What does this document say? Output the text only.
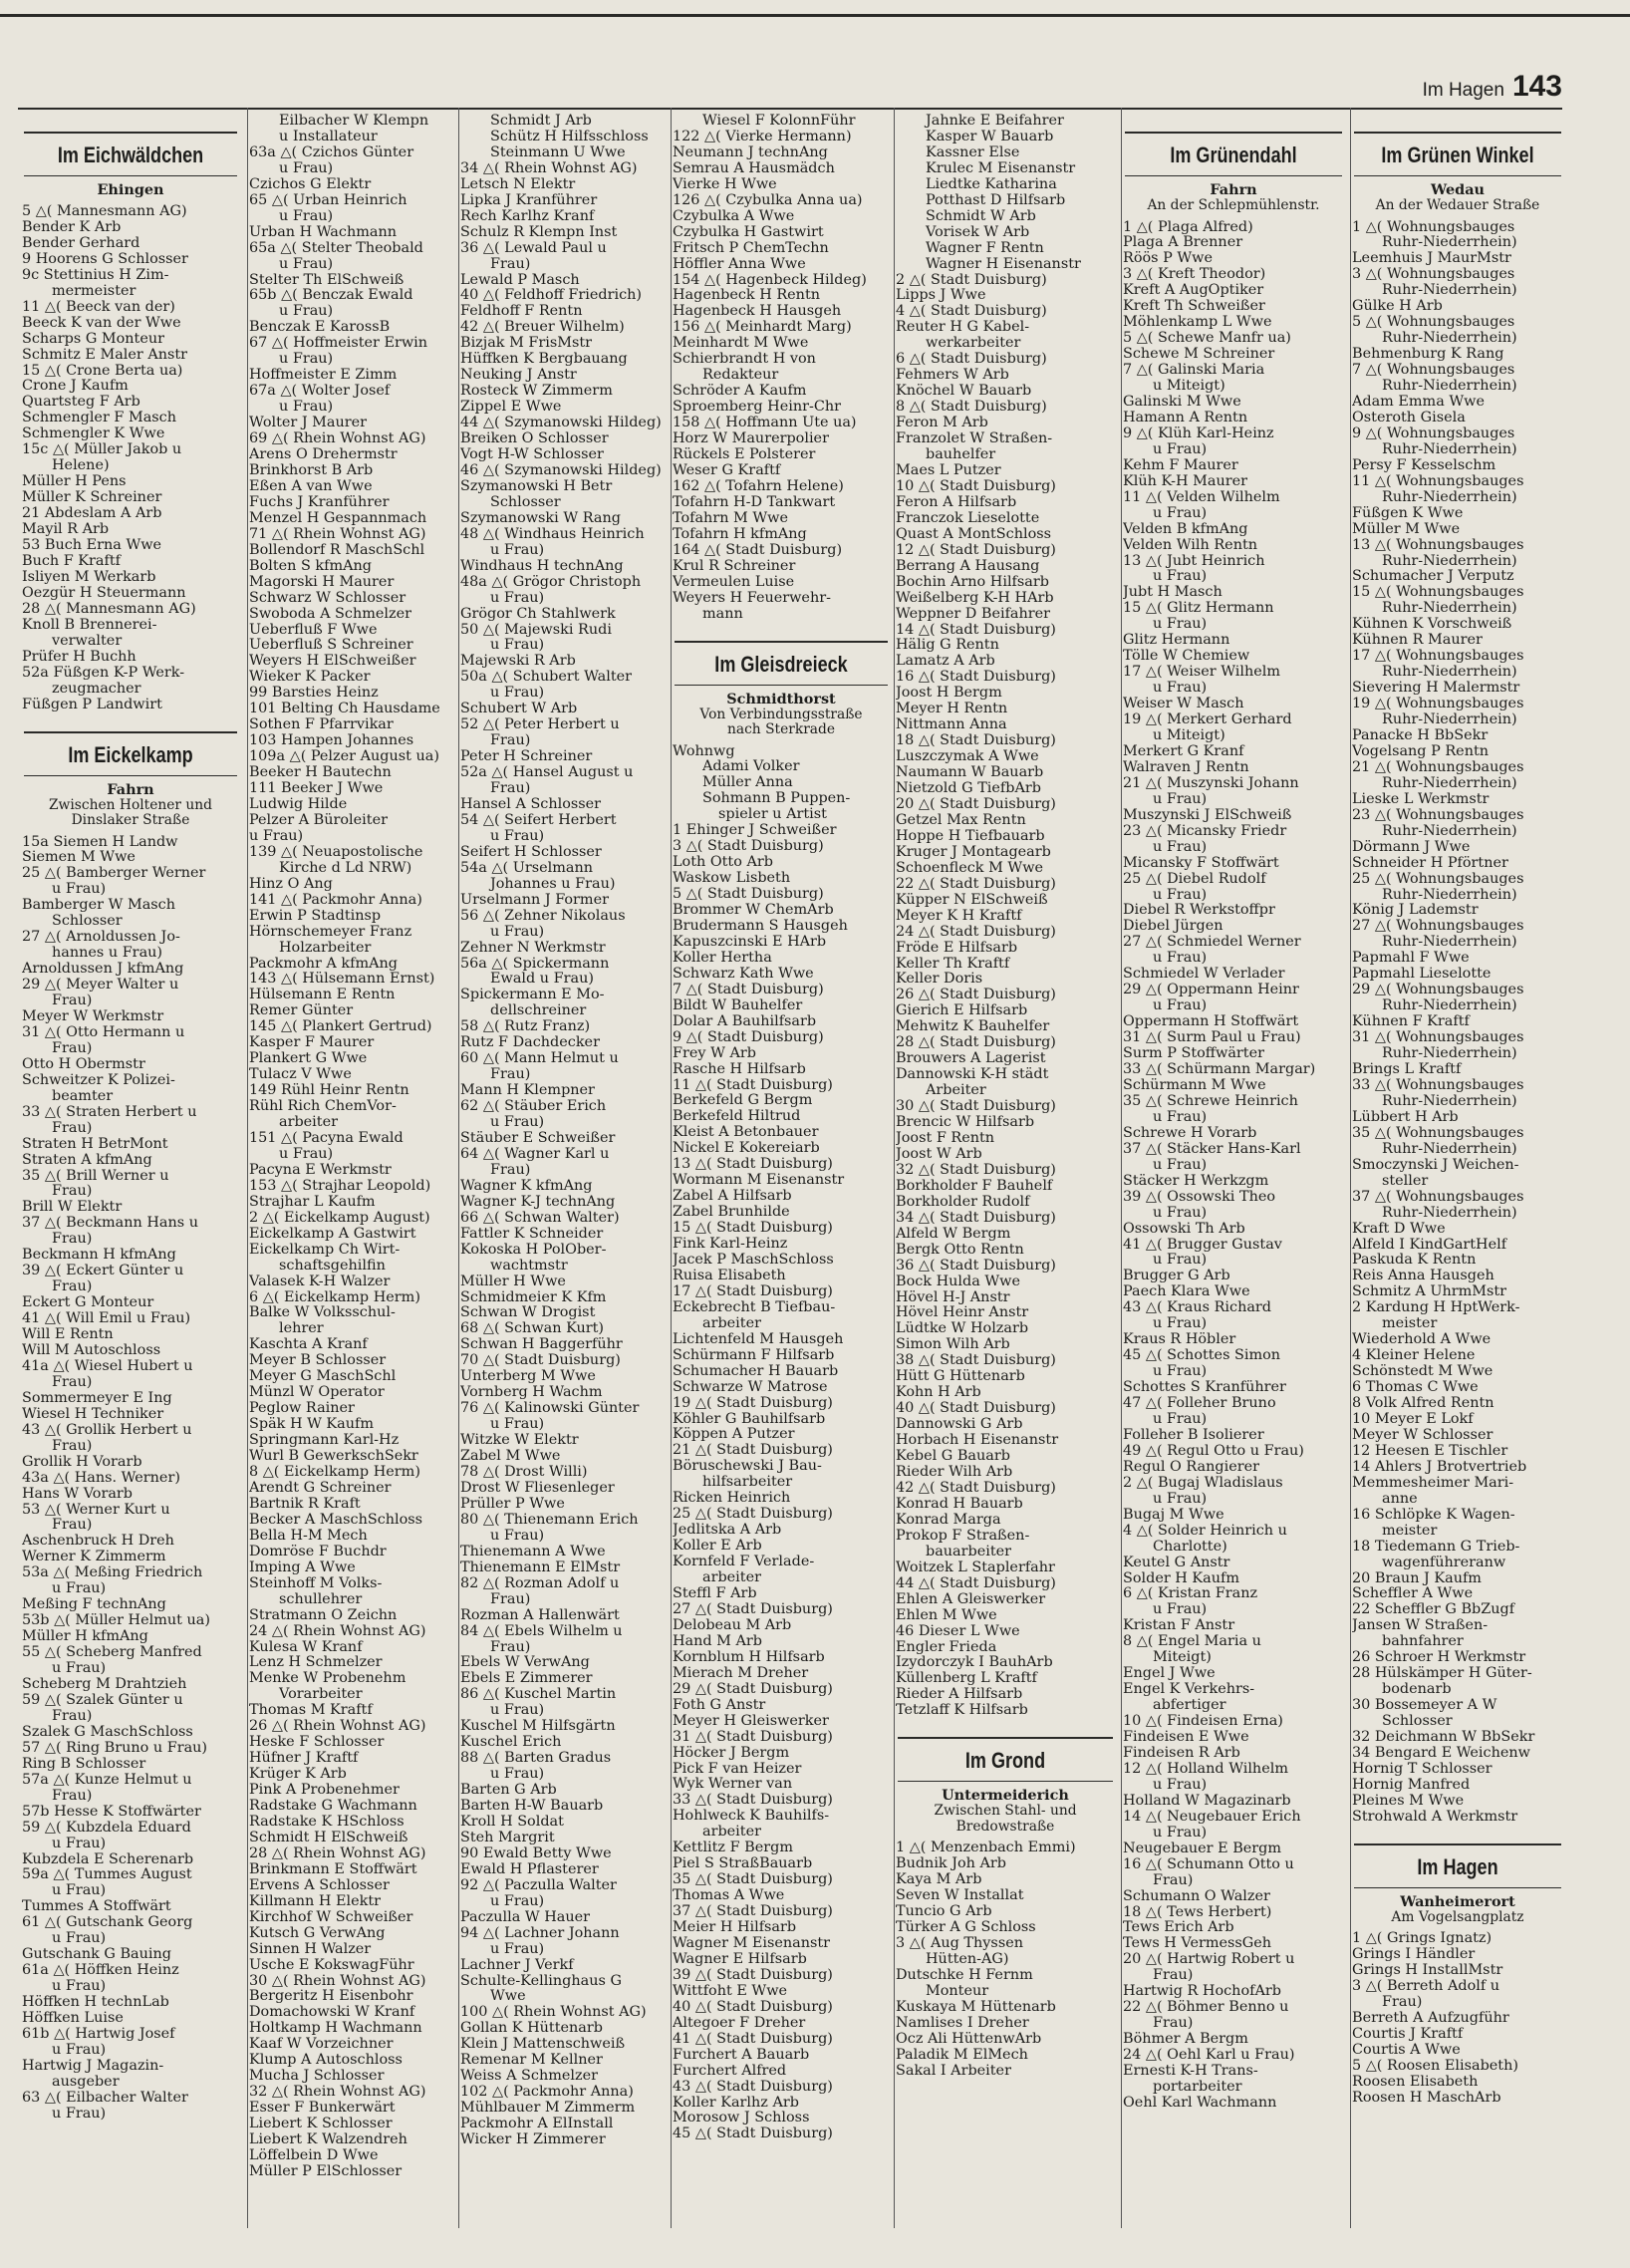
Im Hagen 143
Im Eichwäldchen
Ehingen
5 △( Mannesmann AG)
Bender K Arb
Bender Gerhard
9 Hoorens G Schlosser
9c Stettinius H Zim-
mermeister
11 △( Beeck van der)
Beeck K van der Wwe
Scharps G Monteur
Schmitz E Maler Anstr
15 △( Crone Berta ua)
Crone J Kaufm
Quartsteg F Arb
Schmengler F Masch
Schmengler K Wwe
15c △( Müller Jakob u
Helene)
Müller H Pens
Müller K Schreiner
21 Abdeslam A Arb
Mayil R Arb
53 Buch Erna Wwe
Buch F Kraftf
Isliyen M Werkarb
Oezgür H Steuermann
28 △( Mannesmann AG)
Knoll B Brennerei-
verwalter
Prüfer H Buchh
52a Füßgen K-P Werk-
zeugmacher
Füßgen P Landwirt
Im Eickelkamp
Fahrn
Zwischen Holtener und
Dinslaker Straße
15a Siemen H Landw
Siemen M Wwe
25 △( Bamberger Werner
u Frau)
Bamberger W Masch
Schlosser
27 △( Arnoldussen Jo-
hannes u Frau)
Arnoldussen J kfmAng
29 △( Meyer Walter u
Frau)
Meyer W Werkmstr
31 △( Otto Hermann u
Frau)
Otto H Obermstr
Schweitzer K Polizei-
beamter
33 △( Straten Herbert u
Frau)
Straten H BetrMont
Straten A kfmAng
35 △( Brill Werner u
Frau)
Brill W Elektr
37 △( Beckmann Hans u
Frau)
Beckmann H kfmAng
39 △( Eckert Günter u
Frau)
Eckert G Monteur
41 △( Will Emil u Frau)
Will E Rentn
Will M Autoschloss
41a △( Wiesel Hubert u
Frau)
Sommermeyer E Ing
Wiesel H Techniker
43 △( Grollik Herbert u
Frau)
Grollik H Vorarb
43a △( Hans. Werner)
Hans W Vorarb
53 △( Werner Kurt u
Frau)
Aschenbruck H Dreh
Werner K Zimmerm
53a △( Meßing Friedrich
u Frau)
Meßing F technAng
53b △( Müller Helmut ua)
Müller H kfmAng
55 △( Scheberg Manfred
u Frau)
Scheberg M Drahtzieh
59 △( Szalek Günter u
Frau)
Szalek G MaschSchloss
57 △( Ring Bruno u Frau)
Ring B Schlosser
57a △( Kunze Helmut u
Frau)
57b Hesse K Stoffwärter
59 △( Kubzdela Eduard
u Frau)
Kubzdela E Scherenarb
59a △( Tummes August
u Frau)
Tummes A Stoffwärt
61 △( Gutschank Georg
u Frau)
Gutschank G Bauing
61a △( Höffken Heinz
u Frau)
Höffken H technLab
Höffken Luise
61b △( Hartwig Josef
u Frau)
Hartwig J Magazin-
ausgeber
63 △( Eilbacher Walter
u Frau)
Eilbacher W Klempn
u Installateur
63a △( Czichos Günter
u Frau)
Czichos G Elektr
65 △( Urban Heinrich
u Frau)
Urban H Wachmann
65a △( Stelter Theobald
u Frau)
Stelter Th ElSchweiß
65b △( Benczak Ewald
u Frau)
Benczak E KarossB
67 △( Hoffmeister Erwin
u Frau)
Hoffmeister E Zimm
67a △( Wolter Josef
u Frau)
Wolter J Maurer
69 △( Rhein Wohnst AG)
Arens O Drehermstr
Brinkhorst B Arb
Eßen A van Wwe
Fuchs J Kranführer
Menzel H Gespannmach
71 △( Rhein Wohnst AG)
Bollendorf R MaschSchl
Bolten S kfmAng
Magorski H Maurer
Schwarz W Schlosser
Swoboda A Schmelzer
Ueberfluß F Wwe
Ueberfluß S Schreiner
Weyers H ElSchweißer
Wieker K Packer
99 Barsties Heinz
101 Belting Ch Hausdame
Sothen F Pfarrvikar
103 Hampen Johannes
109a △( Pelzer August ua)
Beeker H Bautechn
111 Beeker J Wwe
Ludwig Hilde
Pelzer A Büroleiter
u Frau)
139 △( Neuapostolische
Kirche d Ld NRW)
Hinz O Ang
141 △( Packmohr Anna)
Erwin P Stadtinsp
Hörnschemeyer Franz
Holzarbeiter
Packmohr A kfmAng
143 △( Hülsemann Ernst)
Hülsemann E Rentn
Remer Günter
145 △( Plankert Gertrud)
Kasper F Maurer
Plankert G Wwe
Tulacz V Wwe
149 Rühl Heinr Rentn
Rühl Rich ChemVor-
arbeiter
151 △( Pacyna Ewald
u Frau)
Pacyna E Werkmstr
153 △( Strajhar Leopold)
Strajhar L Kaufm
2 △( Eickelkamp August)
Eickelkamp A Gastwirt
Eickelkamp Ch Wirt-
schaftsgehilfin
Valasek K-H Walzer
6 △( Eickelkamp Herm)
Balke W Volksschul-
lehrer
Kaschta A Kranf
Meyer B Schlosser
Meyer G MaschSchl
Münzl W Operator
Peglow Rainer
Späk H W Kaufm
Springmann Karl-Hz
Wurl B GewerkschSekr
8 △( Eickelkamp Herm)
Arendt G Schreiner
Bartnik R Kraft
Becker A MaschSchloss
Bella H-M Mech
Domröse F Buchdr
Imping A Wwe
Steinhoff M Volks-
schullehrer
Stratmann O Zeichn
24 △( Rhein Wohnst AG)
Kulesa W Kranf
Lenz H Schmelzer
Menke W Probenehm
Vorarbeiter
Thomas M Kraftf
26 △( Rhein Wohnst AG)
Heske F Schlosser
Hüfner J Kraftf
Krüger K Arb
Pink A Probenehmer
Radstake G Wachmann
Radstake K HSchloss
Schmidt H ElSchweiß
28 △( Rhein Wohnst AG)
Brinkmann E Stoffwärt
Ervens A Schlosser
Killmann H Elektr
Kirchhof W Schweißer
Kutsch G VerwAng
Sinnen H Walzer
Usche E KokswagFühr
30 △( Rhein Wohnst AG)
Bergeritz H Eisenbohr
Domachowski W Kranf
Holtkamp H Wachmann
Kaaf W Vorzeichner
Klump A Autoschloss
Mucha J Schlosser
32 △( Rhein Wohnst AG)
Esser F Bunkerwärt
Liebert K Schlosser
Liebert K Walzendreh
Löffelbein D Wwe
Müller P ElSchlosser
Schmidt J Arb
Schütz H Hilfsschloss
Steinmann U Wwe
34 △( Rhein Wohnst AG)
Letsch N Elektr
Lipka J Kranführer
Rech Karlhz Kranf
Schulz R Klempn Inst
36 △( Lewald Paul u
Frau)
Lewald P Masch
40 △( Feldhoff Friedrich)
Feldhoff F Rentn
42 △( Breuer Wilhelm)
Bizjak M FrisMstr
Hüffken K Bergbauang
Neuking J Anstr
Rosteck W Zimmerm
Zippel E Wwe
44 △( Szymanowski Hildeg)
Breiken O Schlosser
Vogt H-W Schlosser
46 △( Szymanowski Hildeg)
Szymanowski H Betr
Schlosser
Szymanowski W Rang
48 △( Windhaus Heinrich
u Frau)
Windhaus H technAng
48a △( Grögor Christoph
u Frau)
Grögor Ch Stahlwerk
50 △( Majewski Rudi
u Frau)
Majewski R Arb
50a △( Schubert Walter
u Frau)
Schubert W Arb
52 △( Peter Herbert u
Frau)
Peter H Schreiner
52a △( Hansel August u
Frau)
Hansel A Schlosser
54 △( Seifert Herbert
u Frau)
Seifert H Schlosser
54a △( Urselmann
Johannes u Frau)
Urselmann J Former
56 △( Zehner Nikolaus
u Frau)
Zehner N Werkmstr
56a △( Spickermann
Ewald u Frau)
Spickermann E Mo-
dellschreiner
58 △( Rutz Franz)
Rutz F Dachdecker
60 △( Mann Helmut u
Frau)
Mann H Klempner
62 △( Stäuber Erich
u Frau)
Stäuber E Schweißer
64 △( Wagner Karl u
Frau)
Wagner K kfmAng
Wagner K-J technAng
66 △( Schwan Walter)
Fattler K Schneider
Kokoska H PolOber-
wachtmstr
Müller H Wwe
Schmidmeier K Kfm
Schwan W Drogist
68 △( Schwan Kurt)
Schwan H Baggerführ
70 △( Stadt Duisburg)
Unterberg M Wwe
Vornberg H Wachm
76 △( Kalinowski Günter
u Frau)
Witzke W Elektr
Zabel M Wwe
78 △( Drost Willi)
Drost W Fliesenleger
Prüller P Wwe
80 △( Thienemann Erich
u Frau)
Thienemann A Wwe
Thienemann E ElMstr
82 △( Rozman Adolf u
Frau)
Rozman A Hallenwärt
84 △( Ebels Wilhelm u
Frau)
Ebels W VerwAng
Ebels E Zimmerer
86 △( Kuschel Martin
u Frau)
Kuschel M Hilfsgärtn
Kuschel Erich
88 △( Barten Gradus
u Frau)
Barten G Arb
Barten H-W Bauarb
Kroll H Soldat
Steh Margrit
90 Ewald Betty Wwe
Ewald H Pflasterer
92 △( Paczulla Walter
u Frau)
Paczulla W Hauer
94 △( Lachner Johann
u Frau)
Lachner J Verkf
Schulte-Kellinghaus G
Wwe
100 △( Rhein Wohnst AG)
Gollan K Hüttenarb
Klein J Mattenschweiß
Remenar M Kellner
Weiss A Schmelzer
102 △( Packmohr Anna)
Mühlbauer M Zimmerm
Packmohr A ElInstall
Wicker H Zimmerer
Wiesel F KolonnFühr
122 △( Vierke Hermann)
Neumann J technAng
Semrau A Hausmädch
Vierke H Wwe
126 △( Czybulka Anna ua)
Czybulka A Wwe
Czybulka H Gastwirt
Fritsch P ChemTechn
Höffler Anna Wwe
154 △( Hagenbeck Hildeg)
Hagenbeck H Rentn
Hagenbeck H Hausgeh
156 △( Meinhardt Marg)
Meinhardt M Wwe
Schierbrandt H von
Redakteur
Schröder A Kaufm
Sproemberg Heinr-Chr
158 △( Hoffmann Ute ua)
Horz W Maurerpolier
Rückels E Polsterer
Weser G Kraftf
162 △( Tofahrn Helene)
Tofahrn H-D Tankwart
Tofahrn M Wwe
Tofahrn H kfmAng
164 △( Stadt Duisburg)
Krul R Schreiner
Vermeulen Luise
Weyers H Feuerwehr-
mann
Im Gleisdreieck
Schmidthorst
Von Verbindungsstraße
nach Sterkrade
Wohnwg
Adami Volker
Müller Anna
Sohmann B Puppen-
spieler u Artist
1 Ehinger J Schweißer
3 △( Stadt Duisburg)
Loth Otto Arb
Waskow Lisbeth
5 △( Stadt Duisburg)
Brommer W ChemArb
Brudermann S Hausgeh
Kapuszcinski E HArb
Koller Hertha
Schwarz Kath Wwe
7 △( Stadt Duisburg)
Bildt W Bauhelfer
Dolar A Bauhilfsarb
9 △( Stadt Duisburg)
Frey W Arb
Rasche H Hilfsarb
11 △( Stadt Duisburg)
Berkefeld G Bergm
Berkefeld Hiltrud
Kleist A Betonbauer
Nickel E Kokereiarb
13 △( Stadt Duisburg)
Wormann M Eisenanstr
Zabel A Hilfsarb
Zabel Brunhilde
15 △( Stadt Duisburg)
Fink Karl-Heinz
Jacek P MaschSchloss
Ruisa Elisabeth
17 △( Stadt Duisburg)
Eckebrecht B Tiefbau-
arbeiter
Lichtenfeld M Hausgeh
Schürmann F Hilfsarb
Schumacher H Bauarb
Schwarze W Matrose
19 △( Stadt Duisburg)
Köhler G Bauhilfsarb
Köppen A Putzer
21 △( Stadt Duisburg)
Böruschewski J Bau-
hilfsarbeiter
Ricken Heinrich
25 △( Stadt Duisburg)
Jedlitska A Arb
Koller E Arb
Kornfeld F Verlade-
arbeiter
Steffl F Arb
27 △( Stadt Duisburg)
Delobeau M Arb
Hand M Arb
Kornblum H Hilfsarb
Mierach M Dreher
29 △( Stadt Duisburg)
Foth G Anstr
Meyer H Gleiswerker
31 △( Stadt Duisburg)
Höcker J Bergm
Pick F van Heizer
Wyk Werner van
33 △( Stadt Duisburg)
Hohlweck K Bauhilfs-
arbeiter
Kettlitz F Bergm
Piel S StraßBauarb
35 △( Stadt Duisburg)
Thomas A Wwe
37 △( Stadt Duisburg)
Meier H Hilfsarb
Wagner M Eisenanstr
Wagner E Hilfsarb
39 △( Stadt Duisburg)
Wittfoht E Wwe
40 △( Stadt Duisburg)
Altegoer F Dreher
41 △( Stadt Duisburg)
Furchert A Bauarb
Furchert Alfred
43 △( Stadt Duisburg)
Koller Karlhz Arb
Morosow J Schloss
45 △( Stadt Duisburg)
Jahnke E Beifahrer
Kasper W Bauarb
Kassner Else
Krulec M Eisenanstr
Liedtke Katharina
Potthast D Hilfsarb
Schmidt W Arb
Vorisek W Arb
Wagner F Rentn
Wagner H Eisenanstr
2 △( Stadt Duisburg)
Lipps J Wwe
4 △( Stadt Duisburg)
Reuter H G Kabel-
werkarbeiter
6 △( Stadt Duisburg)
Fehmers W Arb
Knöchel W Bauarb
8 △( Stadt Duisburg)
Feron M Arb
Franzolet W Straßen-
bauhelfer
Maes L Putzer
10 △( Stadt Duisburg)
Feron A Hilfsarb
Franczok Lieselotte
Quast A MontSchloss
12 △( Stadt Duisburg)
Berrang A Hausang
Bochin Arno Hilfsarb
Weißelberg K-H HArb
Weppner D Beifahrer
14 △( Stadt Duisburg)
Hälig G Rentn
Lamatz A Arb
16 △( Stadt Duisburg)
Joost H Bergm
Meyer H Rentn
Nittmann Anna
18 △( Stadt Duisburg)
Luszczymak A Wwe
Naumann W Bauarb
Nietzold G TiefbArb
20 △( Stadt Duisburg)
Getzel Max Rentn
Hoppe H Tiefbauarb
Kruger J Montagearb
Schoenfleck M Wwe
22 △( Stadt Duisburg)
Küpper N ElSchweiß
Meyer K H Kraftf
24 △( Stadt Duisburg)
Fröde E Hilfsarb
Keller Th Kraftf
Keller Doris
26 △( Stadt Duisburg)
Gierich E Hilfsarb
Mehwitz K Bauhelfer
28 △( Stadt Duisburg)
Brouwers A Lagerist
Dannowski K-H städt
Arbeiter
30 △( Stadt Duisburg)
Brencic W Hilfsarb
Joost F Rentn
Joost W Arb
32 △( Stadt Duisburg)
Borkholder F Bauhelf
Borkholder Rudolf
34 △( Stadt Duisburg)
Alfeld W Bergm
Bergk Otto Rentn
36 △( Stadt Duisburg)
Bock Hulda Wwe
Hövel H-J Anstr
Hövel Heinr Anstr
Lüdtke W Holzarb
Simon Wilh Arb
38 △( Stadt Duisburg)
Hütt G Hüttenarb
Kohn H Arb
40 △( Stadt Duisburg)
Dannowski G Arb
Horbach H Eisenanstr
Kebel G Bauarb
Rieder Wilh Arb
42 △( Stadt Duisburg)
Konrad H Bauarb
Konrad Marga
Prokop F Straßen-
bauarbeiter
Woitzek L Staplerfahr
44 △( Stadt Duisburg)
Ehlen A Gleiswerker
Ehlen M Wwe
46 Dieser L Wwe
Engler Frieda
Izydorczyk I BauhArb
Küllenberg L Kraftf
Rieder A Hilfsarb
Tetzlaff K Hilfsarb
Im Grond
Untermeiderich
Zwischen Stahl- und
Bredowstraße
1 △( Menzenbach Emmi)
Budnik Joh Arb
Kaya M Arb
Seven W Installat
Tuncio G Arb
Türker A G Schloss
3 △( Aug Thyssen
Hütten-AG)
Dutschke H Fernm
Monteur
Kuskaya M Hüttenarb
Namlises I Dreher
Ocz Ali HüttenwArb
Paladik M ElMech
Sakal I Arbeiter
Im Grünendahl
Fahrn
An der Schlepmühlenstr.
1 △( Plaga Alfred)
Plaga A Brenner
Röös P Wwe
3 △( Kreft Theodor)
Kreft A AugOptiker
Kreft Th Schweißer
Möhlenkamp L Wwe
5 △( Schewe Manfr ua)
Schewe M Schreiner
7 △( Galinski Maria
u Miteigt)
Galinski M Wwe
Hamann A Rentn
9 △( Klüh Karl-Heinz
u Frau)
Kehm F Maurer
Klüh K-H Maurer
11 △( Velden Wilhelm
u Frau)
Velden B kfmAng
Velden Wilh Rentn
13 △( Jubt Heinrich
u Frau)
Jubt H Masch
15 △( Glitz Hermann
u Frau)
Glitz Hermann
Tölle W Chemiew
17 △( Weiser Wilhelm
u Frau)
Weiser W Masch
19 △( Merkert Gerhard
u Miteigt)
Merkert G Kranf
Walraven J Rentn
21 △( Muszynski Johann
u Frau)
Muszynski J ElSchweiß
23 △( Micansky Friedr
u Frau)
Micansky F Stoffwärt
25 △( Diebel Rudolf
u Frau)
Diebel R Werkstoffpr
Diebel Jürgen
27 △( Schmiedel Werner
u Frau)
Schmiedel W Verlader
29 △( Oppermann Heinr
u Frau)
Oppermann H Stoffwärt
31 △( Surm Paul u Frau)
Surm P Stoffwärter
33 △( Schürmann Margar)
Schürmann M Wwe
35 △( Schrewe Heinrich
u Frau)
Schrewe H Vorarb
37 △( Stäcker Hans-Karl
u Frau)
Stäcker H Werkzgm
39 △( Ossowski Theo
u Frau)
Ossowski Th Arb
41 △( Brugger Gustav
u Frau)
Brugger G Arb
Paech Klara Wwe
43 △( Kraus Richard
u Frau)
Kraus R Höbler
45 △( Schottes Simon
u Frau)
Schottes S Kranführer
47 △( Folleher Bruno
u Frau)
Folleher B Isolierer
49 △( Regul Otto u Frau)
Regul O Rangierer
2 △( Bugaj Wladislaus
u Frau)
Bugaj M Wwe
4 △( Solder Heinrich u
Charlotte)
Keutel G Anstr
Solder H Kaufm
6 △( Kristan Franz
u Frau)
Kristan F Anstr
8 △( Engel Maria u
Miteigt)
Engel J Wwe
Engel K Verkehrs-
abfertiger
10 △( Findeisen Erna)
Findeisen E Wwe
Findeisen R Arb
12 △( Holland Wilhelm
u Frau)
Holland W Magazinarb
14 △( Neugebauer Erich
u Frau)
Neugebauer E Bergm
16 △( Schumann Otto u
Frau)
Schumann O Walzer
18 △( Tews Herbert)
Tews Erich Arb
Tews H VermessGeh
20 △( Hartwig Robert u
Frau)
Hartwig R HochofArb
22 △( Böhmer Benno u
Frau)
Böhmer A Bergm
24 △( Oehl Karl u Frau)
Ernesti K-H Trans-
portarbeiter
Oehl Karl Wachmann
Im Grünen Winkel
Wedau
An der Wedauer Straße
1 △( Wohnungsbauges
Ruhr-Niederrhein)
Leemhuis J MaurMstr
3 △( Wohnungsbauges
Ruhr-Niederrhein)
Gülke H Arb
5 △( Wohnungsbauges
Ruhr-Niederrhein)
Behmenburg K Rang
7 △( Wohnungsbauges
Ruhr-Niederrhein)
Adam Emma Wwe
Osteroth Gisela
9 △( Wohnungsbauges
Ruhr-Niederrhein)
Persy F Kesselschm
11 △( Wohnungsbauges
Ruhr-Niederrhein)
Füßgen K Wwe
Müller M Wwe
13 △( Wohnungsbauges
Ruhr-Niederrhein)
Schumacher J Verputz
15 △( Wohnungsbauges
Ruhr-Niederrhein)
Kühnen K Vorschweiß
Kühnen R Maurer
17 △( Wohnungsbauges
Ruhr-Niederrhein)
Sievering H Malermstr
19 △( Wohnungsbauges
Ruhr-Niederrhein)
Panacke H BbSekr
Vogelsang P Rentn
21 △( Wohnungsbauges
Ruhr-Niederrhein)
Lieske L Werkmstr
23 △( Wohnungsbauges
Ruhr-Niederrhein)
Dörmann J Wwe
Schneider H Pförtner
25 △( Wohnungsbauges
Ruhr-Niederrhein)
König J Lademstr
27 △( Wohnungsbauges
Ruhr-Niederrhein)
Papmahl F Wwe
Papmahl Lieselotte
29 △( Wohnungsbauges
Ruhr-Niederrhein)
Kühnen F Kraftf
31 △( Wohnungsbauges
Ruhr-Niederrhein)
Brings L Kraftf
33 △( Wohnungsbauges
Ruhr-Niederrhein)
Lübbert H Arb
35 △( Wohnungsbauges
Ruhr-Niederrhein)
Smoczynski J Weichen-
steller
37 △( Wohnungsbauges
Ruhr-Niederrhein)
Kraft D Wwe
Alfeld I KindGartHelf
Paskuda K Rentn
Reis Anna Hausgeh
Schmitz A UhrmMstr
2 Kardung H HptWerk-
meister
Wiederhold A Wwe
4 Kleiner Helene
Schönstedt M Wwe
6 Thomas C Wwe
8 Volk Alfred Rentn
10 Meyer E Lokf
Meyer W Schlosser
12 Heesen E Tischler
14 Ahlers J Brotvertrieb
Memmesheimer Mari-
anne
16 Schlöpke K Wagen-
meister
18 Tiedemann G Trieb-
wagenführeranw
20 Braun J Kaufm
Scheffler A Wwe
22 Scheffler G BbZugf
Jansen W Straßen-
bahnfahrer
26 Schroer H Werkmstr
28 Hülskämper H Güter-
bodenarb
30 Bossemeyer A W
Schlosser
32 Deichmann W BbSekr
34 Bengard E Weichenw
Hornig T Schlosser
Hornig Manfred
Pleines M Wwe
Strohwald A Werkmstr
Im Hagen
Wanheimerort
Am Vogelsangplatz
1 △( Grings Ignatz)
Grings I Händler
Grings H InstallMstr
3 △( Berreth Adolf u
Frau)
Berreth A Aufzugführ
Courtis J Kraftf
Courtis A Wwe
5 △( Roosen Elisabeth)
Roosen Elisabeth
Roosen H MaschArb
